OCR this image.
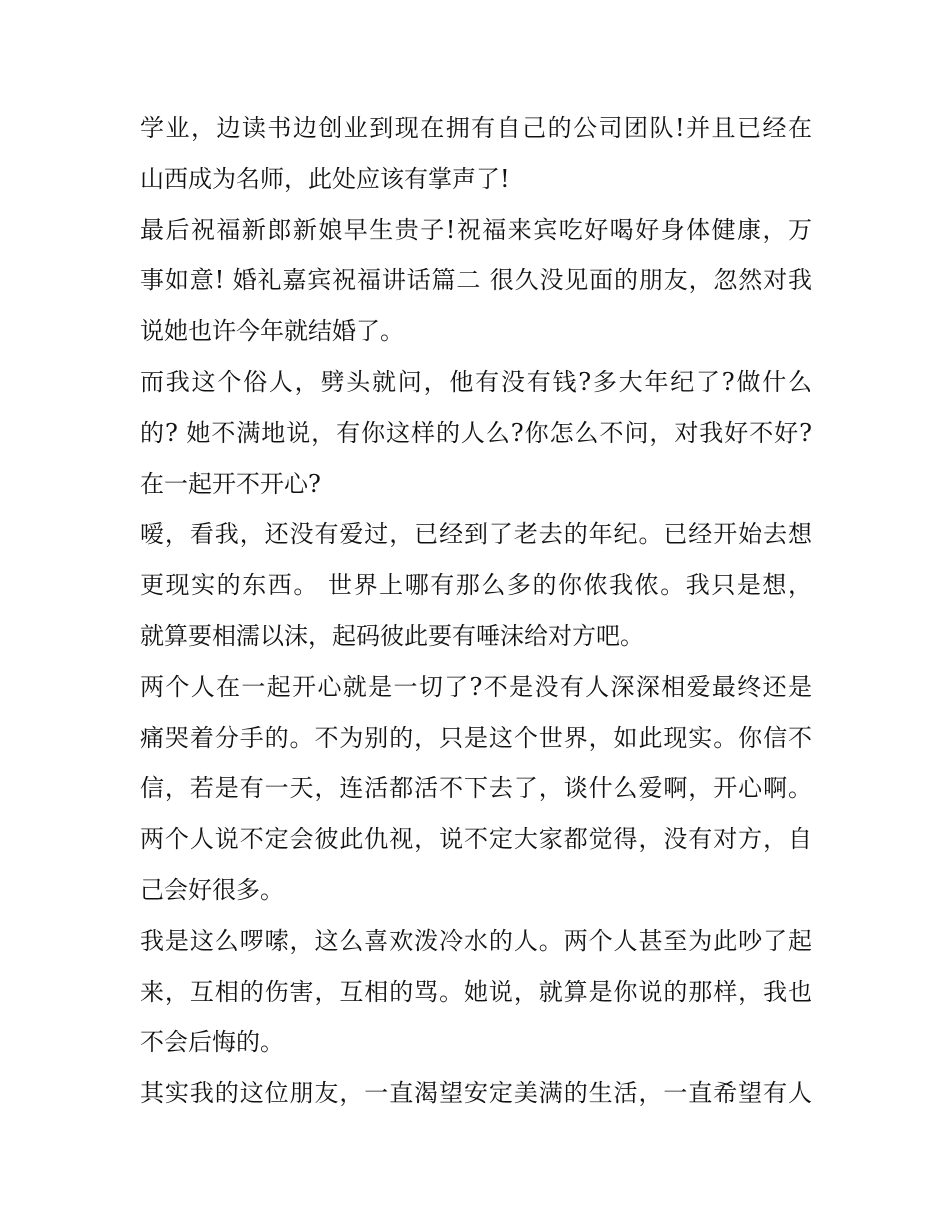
学业，边读书边创业到现在拥有自己的公司团队!并且已经在
山西成为名师，此处应该有掌声了!
最后祝福新郎新娘早生贵子!祝福来宾吃好喝好身体健康，万
事如意! 婚礼嘉宾祝福讲话篇二 很久没见面的朋友，忽然对我
说她也许今年就结婚了。
而我这个俗人，劈头就问，他有没有钱?多大年纪了?做什么
的? 她不满地说，有你这样的人么?你怎么不问，对我好不好?
在一起开不开心?
嗳，看我，还没有爱过，已经到了老去的年纪。已经开始去想
更现实的东西。 世界上哪有那么多的你侬我侬。我只是想，
就算要相濡以沫，起码彼此要有唾沫给对方吧。
两个人在一起开心就是一切了?不是没有人深深相爱最终还是
痛哭着分手的。不为别的，只是这个世界，如此现实。你信不
信，若是有一天，连活都活不下去了，谈什么爱啊，开心啊。
两个人说不定会彼此仇视，说不定大家都觉得，没有对方，自
己会好很多。
我是这么啰嗦，这么喜欢泼冷水的人。两个人甚至为此吵了起
来，互相的伤害，互相的骂。她说，就算是你说的那样，我也
不会后悔的。
其实我的这位朋友，一直渴望安定美满的生活，一直希望有人
